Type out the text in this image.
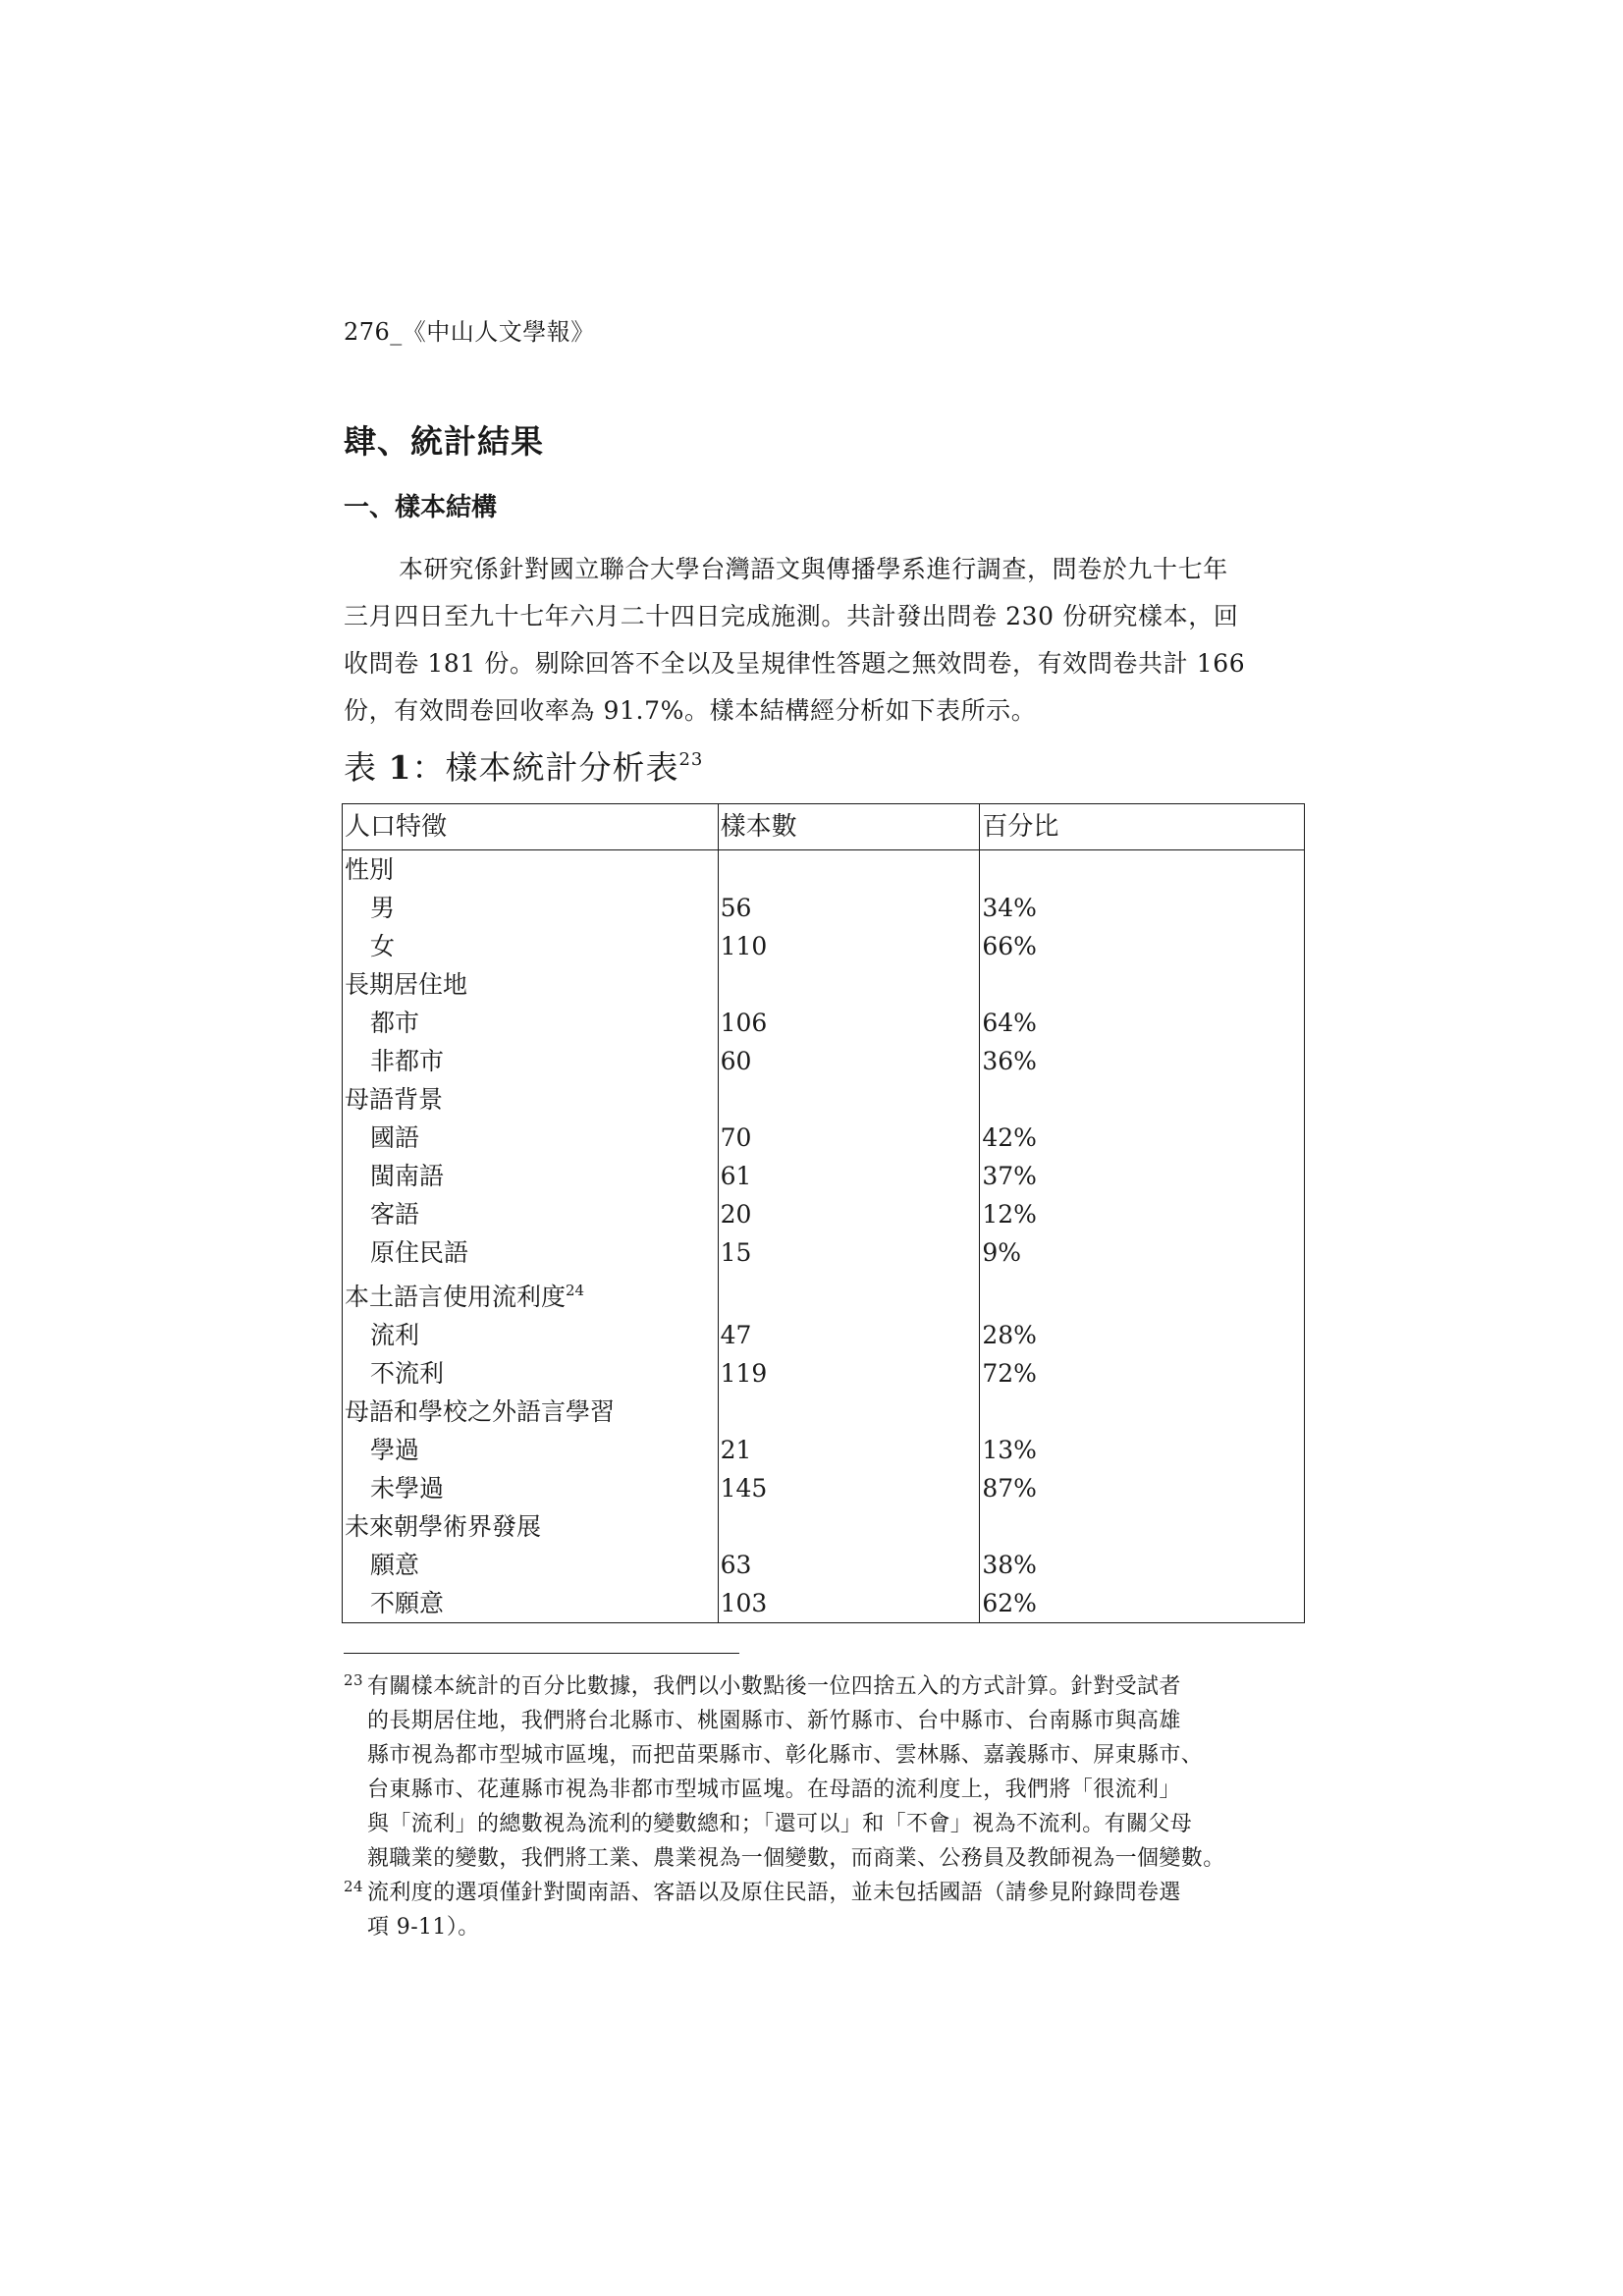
276_《中山人文學報》
肆、統計結果
一、樣本結構
本研究係針對國立聯合大學台灣語文與傳播學系進行調查，問卷於九十七年
三月四日至九十七年六月二十四日完成施測。共計發出問卷 230 份研究樣本，回
收問卷 181 份。剔除回答不全以及呈規律性答題之無效問卷，有效問卷共計 166
份，有效問卷回收率為 91.7%。樣本結構經分析如下表所示。
表 1：樣本統計分析表$^{23}$
人口特徵	樣本數	百分比
性別		
男	56	34%
女	110	66%
長期居住地		
都市	106	64%
非都市	60	36%
母語背景		
國語	70	42%
閩南語	61	37%
客語	20	12%
原住民語	15	9%
本土語言使用流利度$^{24}$		
流利	47	28%
不流利	119	72%
母語和學校之外語言學習		
學過	21	13%
未學過	145	87%
未來朝學術界發展		
願意	63	38%
不願意	103	62%
23 有關樣本統計的百分比數據，我們以小數點後一位四捨五入的方式計算。針對受試者
的長期居住地，我們將台北縣市、桃園縣市、新竹縣市、台中縣市、台南縣市與高雄
縣市視為都市型城市區塊，而把苗栗縣市、彰化縣市、雲林縣、嘉義縣市、屏東縣市、
台東縣市、花蓮縣市視為非都市型城市區塊。在母語的流利度上，我們將「很流利」
與「流利」的總數視為流利的變數總和；「還可以」和「不會」視為不流利。有關父母
親職業的變數，我們將工業、農業視為一個變數，而商業、公務員及教師視為一個變數。
24 流利度的選項僅針對閩南語、客語以及原住民語，並未包括國語（請參見附錄問卷選
項 9-11）。
